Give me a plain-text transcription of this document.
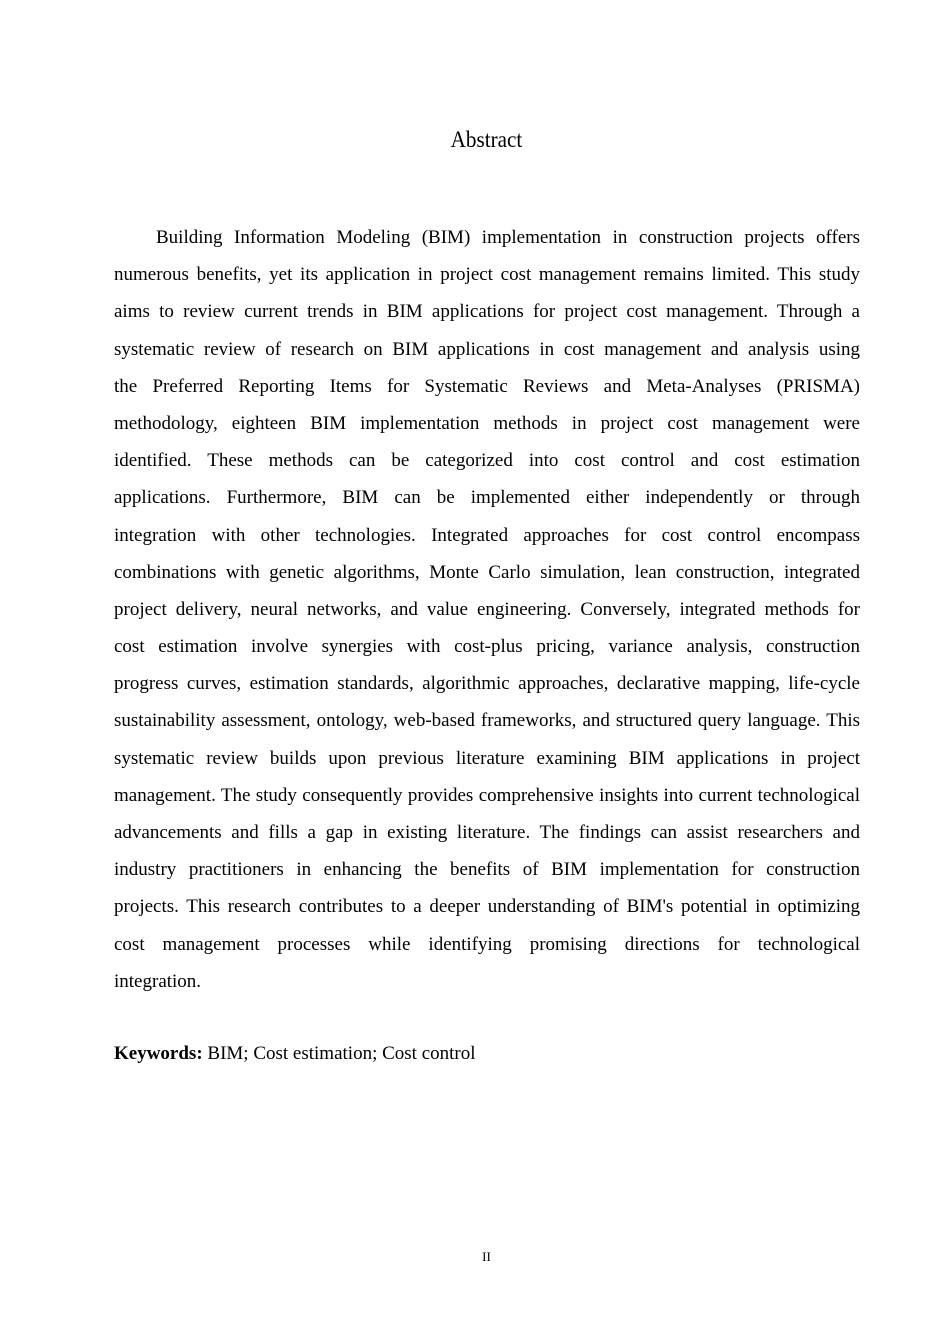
Abstract
Building Information Modeling (BIM) implementation in construction projects offers
numerous benefits, yet its application in project cost management remains limited. This study
aims to review current trends in BIM applications for project cost management. Through a
systematic review of research on BIM applications in cost management and analysis using
the Preferred Reporting Items for Systematic Reviews and Meta-Analyses (PRISMA)
methodology, eighteen BIM implementation methods in project cost management were
identified. These methods can be categorized into cost control and cost estimation
applications. Furthermore, BIM can be implemented either independently or through
integration with other technologies. Integrated approaches for cost control encompass
combinations with genetic algorithms, Monte Carlo simulation, lean construction, integrated
project delivery, neural networks, and value engineering. Conversely, integrated methods for
cost estimation involve synergies with cost-plus pricing, variance analysis, construction
progress curves, estimation standards, algorithmic approaches, declarative mapping, life-cycle
sustainability assessment, ontology, web-based frameworks, and structured query language. This
systematic review builds upon previous literature examining BIM applications in project
management. The study consequently provides comprehensive insights into current technological
advancements and fills a gap in existing literature. The findings can assist researchers and
industry practitioners in enhancing the benefits of BIM implementation for construction
projects. This research contributes to a deeper understanding of BIM's potential in optimizing
cost management processes while identifying promising directions for technological
integration.
Keywords: BIM; Cost estimation; Cost control
II
